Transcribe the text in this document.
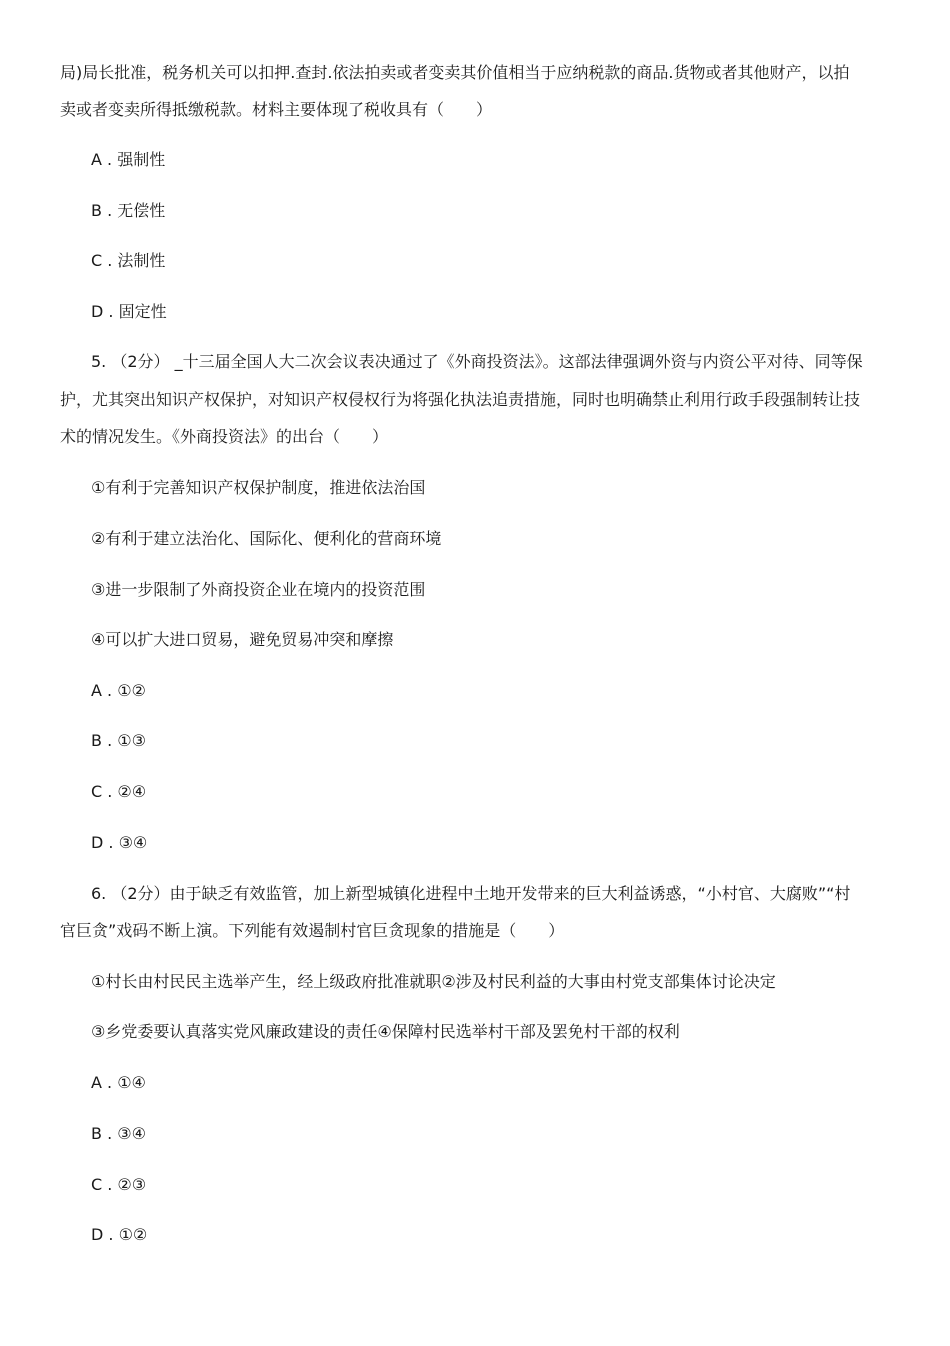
局)局长批准，税务机关可以扣押.查封.依法拍卖或者变卖其价值相当于应纳税款的商品.货物或者其他财产，以拍
卖或者变卖所得抵缴税款。材料主要体现了税收具有（　　）
A . 强制性
B . 无偿性
C . 法制性
D . 固定性
5. （2分） _十三届全国人大二次会议表决通过了《外商投资法》。这部法律强调外资与内资公平对待、同等保
护，尤其突出知识产权保护，对知识产权侵权行为将强化执法追责措施，同时也明确禁止利用行政手段强制转让技
术的情况发生。《外商投资法》的出台（　　）
①有利于完善知识产权保护制度，推进依法治国
②有利于建立法治化、国际化、便利化的营商环境
③进一步限制了外商投资企业在境内的投资范围
④可以扩大进口贸易，避免贸易冲突和摩擦
A . ①②
B . ①③
C . ②④
D . ③④
6. （2分）由于缺乏有效监管，加上新型城镇化进程中土地开发带来的巨大利益诱惑，“小村官、大腐败”“村
官巨贪”戏码不断上演。下列能有效遏制村官巨贪现象的措施是（　　）
①村长由村民民主选举产生，经上级政府批准就职②涉及村民利益的大事由村党支部集体讨论决定
③乡党委要认真落实党风廉政建设的责任④保障村民选举村干部及罢免村干部的权利
A . ①④
B . ③④
C . ②③
D . ①②
